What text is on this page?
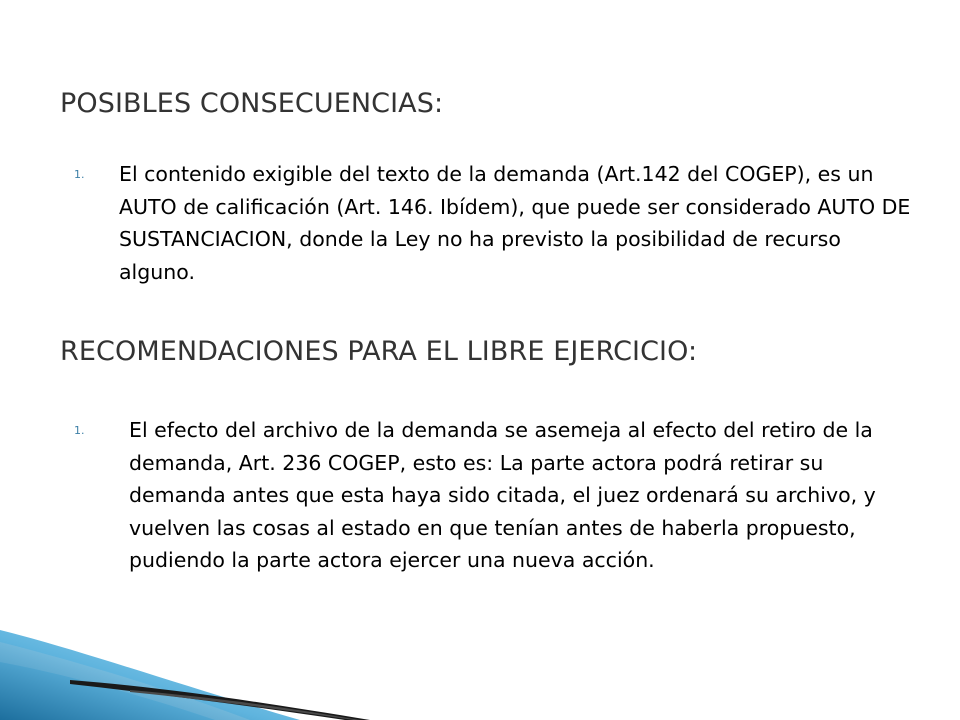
POSIBLES CONSECUENCIAS:
1. El contenido exigible del texto de la demanda (Art.142 del COGEP), es un AUTO de calificación (Art. 146. Ibídem), que puede ser considerado AUTO DE SUSTANCIACION, donde la Ley no ha previsto la posibilidad de recurso alguno.
RECOMENDACIONES PARA EL LIBRE EJERCICIO:
1. El efecto del archivo de la demanda se asemeja al efecto del retiro de la demanda, Art. 236 COGEP, esto es: La parte actora podrá retirar su demanda antes que esta haya sido citada, el juez ordenará su archivo, y vuelven las cosas al estado en que tenían antes de haberla propuesto, pudiendo la parte actora ejercer una nueva acción.
